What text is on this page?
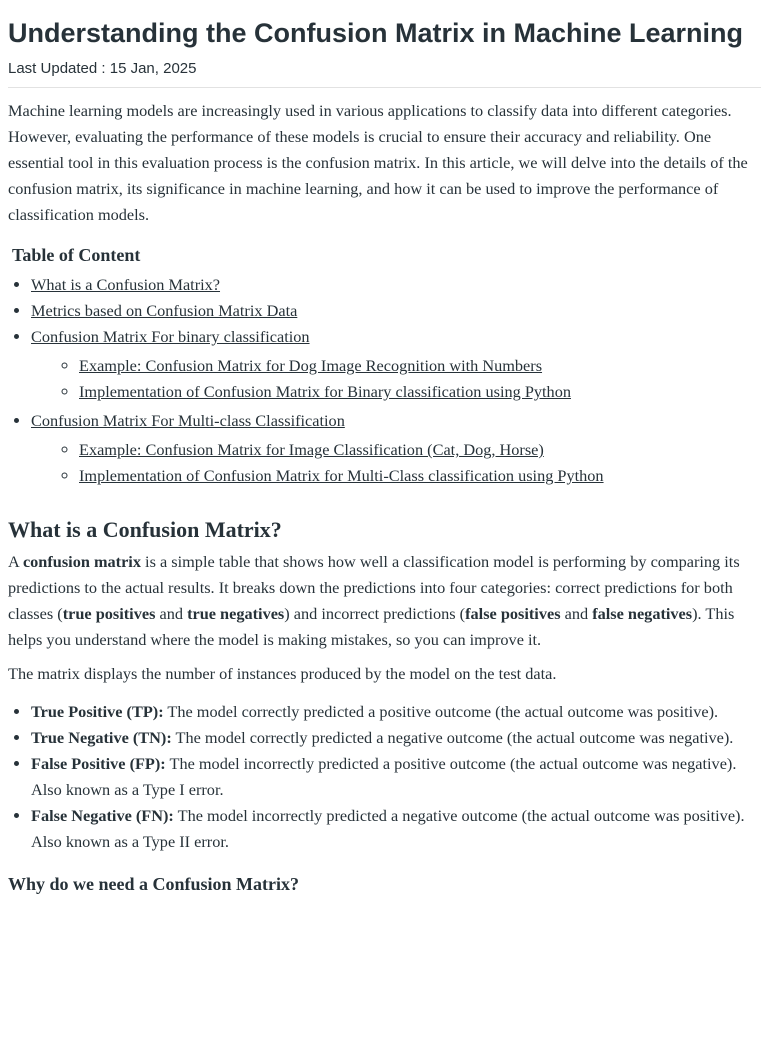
Understanding the Confusion Matrix in Machine Learning
Last Updated : 15 Jan, 2025

Machine learning models are increasingly used in various applications to classify data into different categories. However, evaluating the performance of these models is crucial to ensure their accuracy and reliability. One essential tool in this evaluation process is the confusion matrix. In this article, we will delve into the details of the confusion matrix, its significance in machine learning, and how it can be used to improve the performance of classification models.

Table of Content
• What is a Confusion Matrix?
• Metrics based on Confusion Matrix Data
• Confusion Matrix For binary classification
◦ Example: Confusion Matrix for Dog Image Recognition with Numbers
◦ Implementation of Confusion Matrix for Binary classification using Python
• Confusion Matrix For Multi-class Classification
◦ Example: Confusion Matrix for Image Classification (Cat, Dog, Horse)
◦ Implementation of Confusion Matrix for Multi-Class classification using Python
What is a Confusion Matrix?

A confusion matrix is a simple table that shows how well a classification model is performing by comparing its predictions to the actual results. It breaks down the predictions into four categories: correct predictions for both classes (true positives and true negatives) and incorrect predictions (false positives and false negatives). This helps you understand where the model is making mistakes, so you can improve it.

The matrix displays the number of instances produced by the model on the test data.

• True Positive (TP): The model correctly predicted a positive outcome (the actual outcome was positive).
• True Negative (TN): The model correctly predicted a negative outcome (the actual outcome was negative).
• False Positive (FP): The model incorrectly predicted a positive outcome (the actual outcome was negative). Also known as a Type I error.
• False Negative (FN): The model incorrectly predicted a negative outcome (the actual outcome was positive). Also known as a Type II error.
Why do we need a Confusion Matrix?
